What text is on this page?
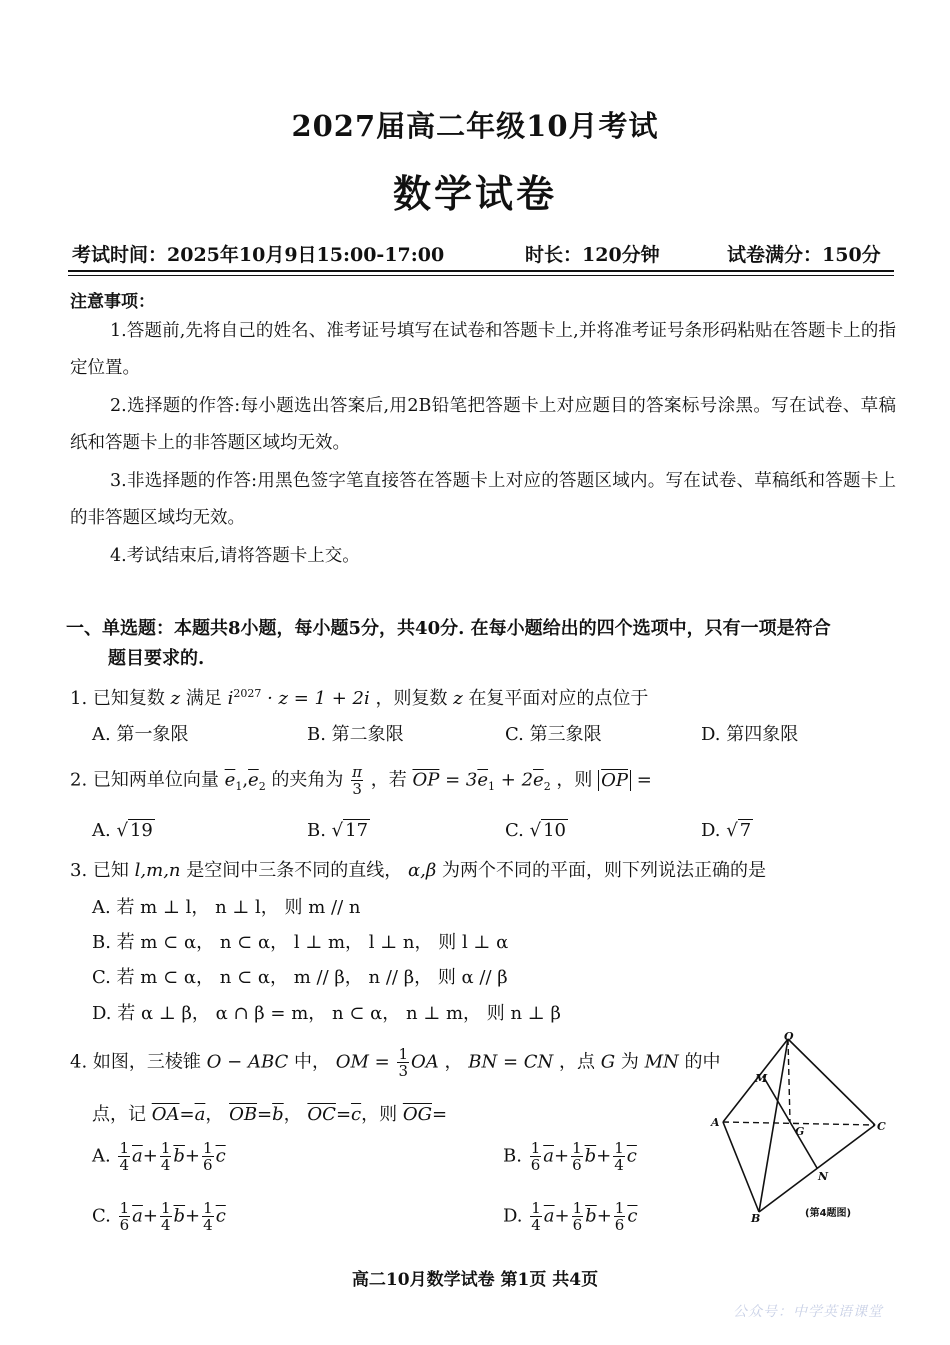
2027届高二年级10月考试
数学试卷
考试时间：2025年10月9日15:00-17:00	时长：120分钟	试卷满分：150分
注意事项：
1.答题前,先将自己的姓名、准考证号填写在试卷和答题卡上,并将准考证号条形码粘贴在答题卡上的指定位置。
2.选择题的作答:每小题选出答案后,用2B铅笔把答题卡上对应题目的答案标号涂黑。写在试卷、草稿纸和答题卡上的非答题区域均无效。
3.非选择题的作答:用黑色签字笔直接答在答题卡上对应的答题区域内。写在试卷、草稿纸和答题卡上的非答题区域均无效。
4.考试结束后,请将答题卡上交。
一、单选题：本题共8小题，每小题5分，共40分. 在每小题给出的四个选项中，只有一项是符合
题目要求的.
1. 已知复数 z 满足 $i^{2027} \cdot z = 1 + 2i$ ，则复数 z 在复平面对应的点位于
A. 第一象限	B. 第二象限	C. 第三象限	D. 第四象限
2. 已知两单位向量 $\overline{e}_1,\overline{e}_2$ 的夹角为 $\frac{\pi}{3}$ ，若 $\overline{OP} = 3\overline{e}_1 + 2\overline{e}_2$ ，则 $\overline{OP}$ =
A. √ 19	B. √ 17	C. √ 10	D. √ 7
3. 已知 l,m,n 是空间中三条不同的直线， α,β 为两个不同的平面，则下列说法正确的是
A. 若 m ⊥ l， n ⊥ l， 则 m // n
B. 若 m ⊂ α， n ⊂ α， l ⊥ m， l ⊥ n， 则 l ⊥ α
C. 若 m ⊂ α， n ⊂ α， m // β， n // β， 则 α // β
D. 若 α ⊥ β， α ∩ β = m， n ⊂ α， n ⊥ m， 则 n ⊥ β
4. 如图，三棱锥 O − ABC 中， OM = $\frac{1}{3}$ OA ， BN = CN ，点 G 为 MN 的中
点，记 $\overline{OA}=\overline{a}$， $\overline{OB}=\overline{b}$， $\overline{OC}=\overline{c}$，则 $\overline{OG}=$
A. $\frac{1}{4} \overline{a}+ \frac{1}{4} \overline{b}+ \frac{1}{6} \overline{c}$	B. $\frac{1}{6} \overline{a}+ \frac{1}{6} \overline{b}+ \frac{1}{4} \overline{c}$
C. $\frac{1}{6} \overline{a}+ \frac{1}{4} \overline{b}+ \frac{1}{4} \overline{c}$	D. $\frac{1}{4} \overline{a}+ \frac{1}{6} \overline{b}+ \frac{1}{6} \overline{c}$
O
M
G
A	C
N
B	(第4题图)
高二10月数学试卷 第1页 共4页
公众号：中学英语课堂
